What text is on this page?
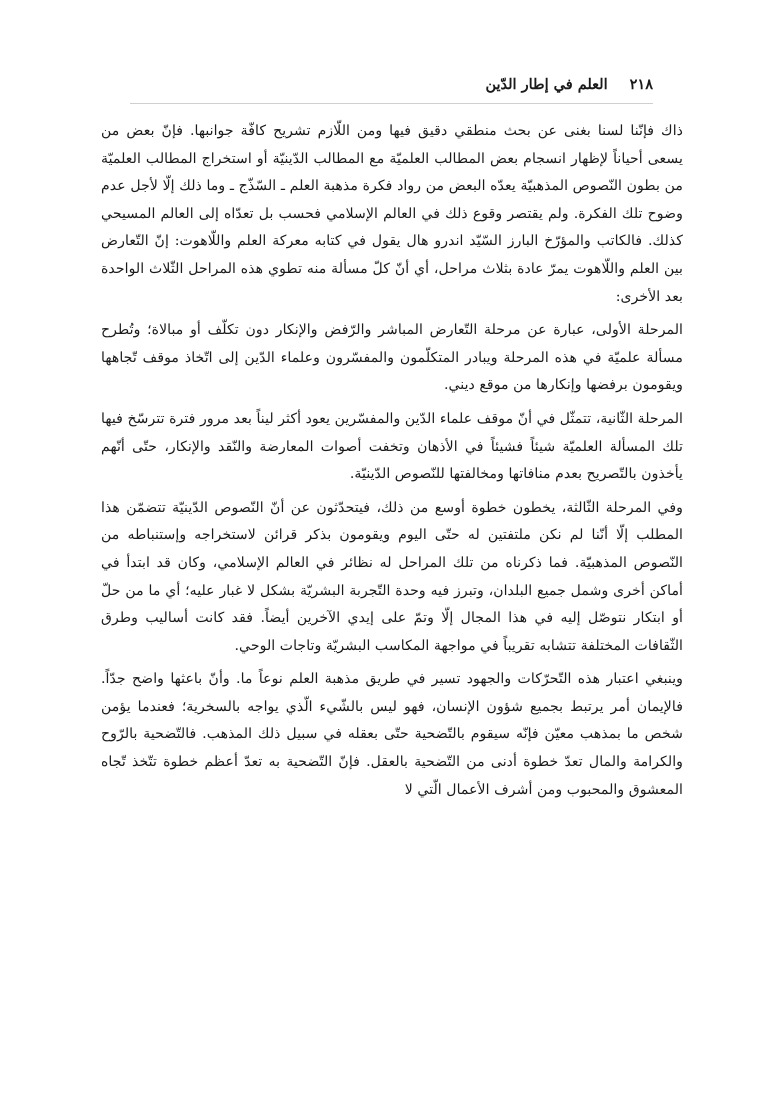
٢١٨
العلم في إطار الدّين

ذاك فإنّنا لسنا بغنى عن بحث منطقي دقيق فيها ومن اللّازم تشريح كافّة جوانبها. فإنّ بعض من يسعى أحياناً لإظهار انسجام بعض المطالب العلميّة مع المطالب الدّينيّة أو استخراج المطالب العلميّة من بطون النّصوص المذهبيّة يعدّه البعض من رواد فكرة مذهبة العلم ـ السّذّج ـ وما ذلك إلّا لأجل عدم وضوح تلك الفكرة. ولم يقتصر وقوع ذلك في العالم الإسلامي فحسب بل تعدّاه إلى العالم المسيحي كذلك. فالكاتب والمؤرّخ البارز السّيّد اندرو هال يقول في كتابه معركة العلم واللّاهوت: إنّ التّعارض بين العلم واللّاهوت يمرّ عادة بثلاث مراحل، أي أنّ كلّ مسألة منه تطوي هذه المراحل الثّلاث الواحدة بعد الأخرى:

المرحلة الأولى، عبارة عن مرحلة التّعارض المباشر والرّفض والإنكار دون تكلّف أو مبالاة؛ وتُطرح مسألة علميّة في هذه المرحلة ويبادر المتكلّمون والمفسّرون وعلماء الدّين إلى اتّخاذ موقف تّجاهها ويقومون برفضها وإنكارها من موقع ديني.

المرحلة الثّانية، تتمثّل في أنّ موقف علماء الدّين والمفسّرين يعود أكثر ليناً بعد مرور فترة تترسّخ فيها تلك المسألة العلميّة شيئاً فشيئاً في الأذهان وتخفت أصوات المعارضة والنّقد والإنكار، حتّى أنّهم يأخذون بالتّصريح بعدم منافاتها ومخالفتها للنّصوص الدّينيّة.

وفي المرحلة الثّالثة، يخطون خطوة أوسع من ذلك، فيتحدّثون عن أنّ النّصوص الدّينيّة تتضمّن هذا المطلب إلّا أنّنا لم نكن ملتفتين له حتّى اليوم ويقومون بذكر قرائن لاستخراجه وإستنباطه من النّصوص المذهبيّة. فما ذكرناه من تلك المراحل له نظائر في العالم الإسلامي، وكان قد ابتدأ في أماكن أخرى وشمل جميع البلدان، وتبرز فيه وحدة التّجربة البشريّة بشكل لا غبار عليه؛ أي ما من حلّ أو ابتكار نتوصّل إليه في هذا المجال إلّا وتمّ على إيدي الآخرين أيضاً. فقد كانت أساليب وطرق الثّقافات المختلفة تتشابه تقريباً في مواجهة المكاسب البشريّة وتاجات الوحي.

وينبغي اعتبار هذه التّحرّكات والجهود تسير في طريق مذهبة العلم نوعاً ما. وأنّ باعثها واضح جدّاً. فالإيمان أمر يرتبط بجميع شؤون الإنسان، فهو ليس بالشّيء الّذي يواجه بالسخرية؛ فعندما يؤمن شخص ما بمذهب معيّن فإنّه سيقوم بالتّضحية حتّى بعقله في سبيل ذلك المذهب. فالتّضحية بالرّوح والكرامة والمال تعدّ خطوة أدنى من التّضحية بالعقل. فإنّ التّضحية به تعدّ أعظم خطوة تتّخذ تّجاه المعشوق والمحبوب ومن أشرف الأعمال الّتي لا
